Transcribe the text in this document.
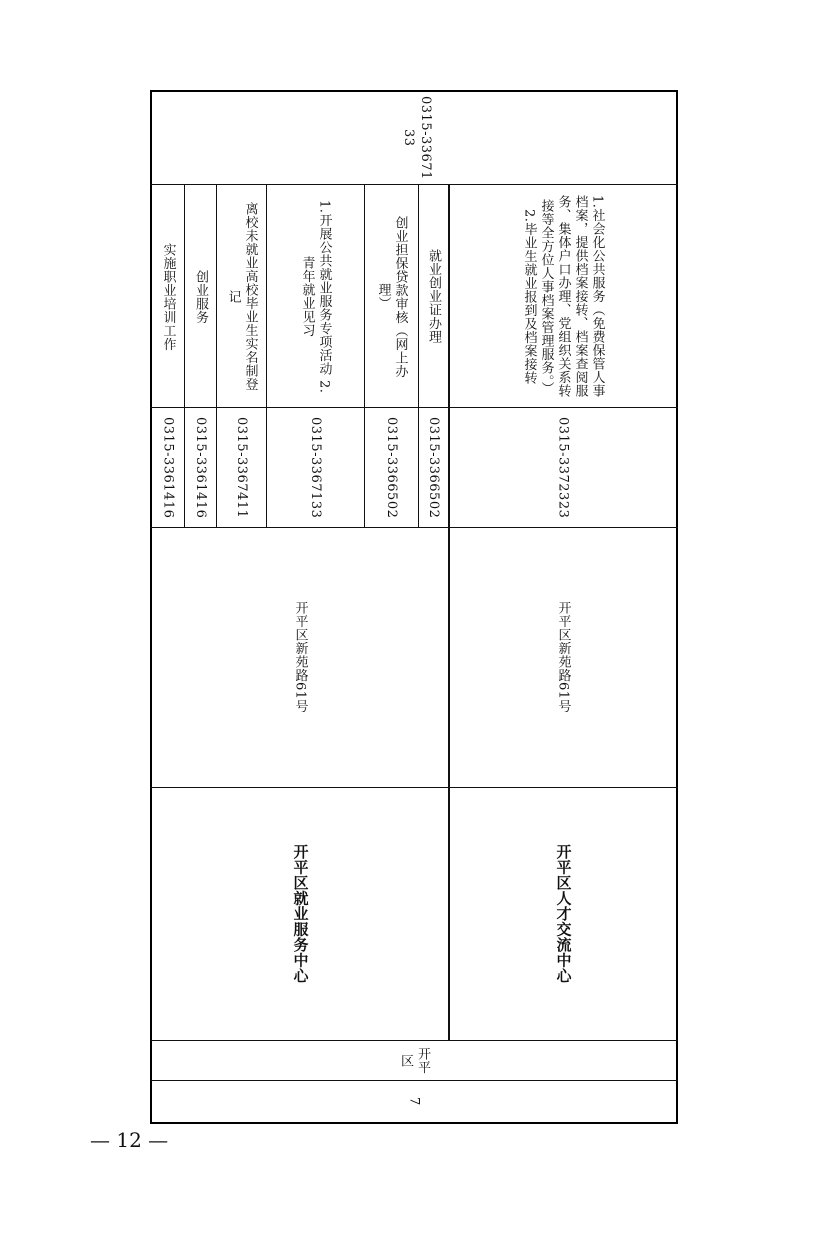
0315-3367133
实施职业培训工作
0315-3361416
创业服务
0315-3361416
离校未就业高校毕业生实名制登记
0315-3367411
1.开展公共就业服务专项活动 2.青年就业见习
0315-3367133
创业担保贷款审核（网上办理）
0315-3366502
就业创业证办理
0315-3366502
开平区新苑路61号
开平区就业服务中心
1.社会化公共服务（免费保管人事档案，提供档案接转、档案查阅服务、集体户口办理、党组织关系转接等全方位人事档案管理服务。） 2.毕业生就业报到及档案接转
0315-3372323
开平区新苑路61号
开平区人才交流中心
开平区
7
— 12 —
